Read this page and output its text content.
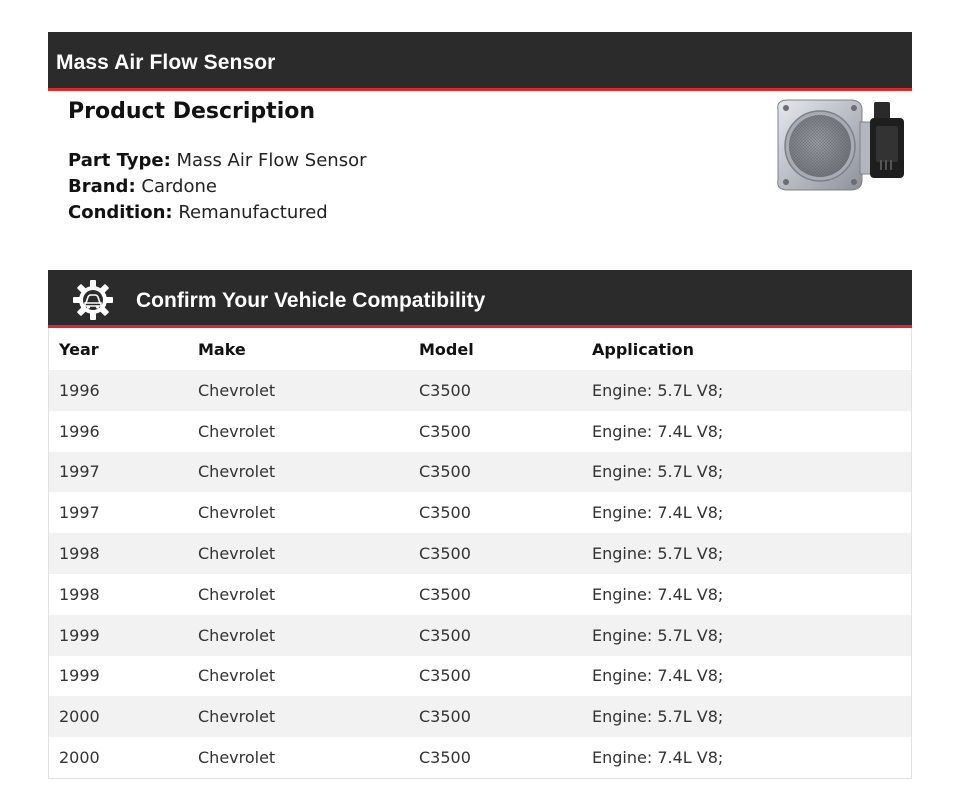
Mass Air Flow Sensor
Product Description
Part Type: Mass Air Flow Sensor
Brand: Cardone
Condition: Remanufactured
Confirm Your Vehicle Compatibility
Year	Make	Model	Application
1996	Chevrolet	C3500	Engine: 5.7L V8;
1996	Chevrolet	C3500	Engine: 7.4L V8;
1997	Chevrolet	C3500	Engine: 5.7L V8;
1997	Chevrolet	C3500	Engine: 7.4L V8;
1998	Chevrolet	C3500	Engine: 5.7L V8;
1998	Chevrolet	C3500	Engine: 7.4L V8;
1999	Chevrolet	C3500	Engine: 5.7L V8;
1999	Chevrolet	C3500	Engine: 7.4L V8;
2000	Chevrolet	C3500	Engine: 5.7L V8;
2000	Chevrolet	C3500	Engine: 7.4L V8;
